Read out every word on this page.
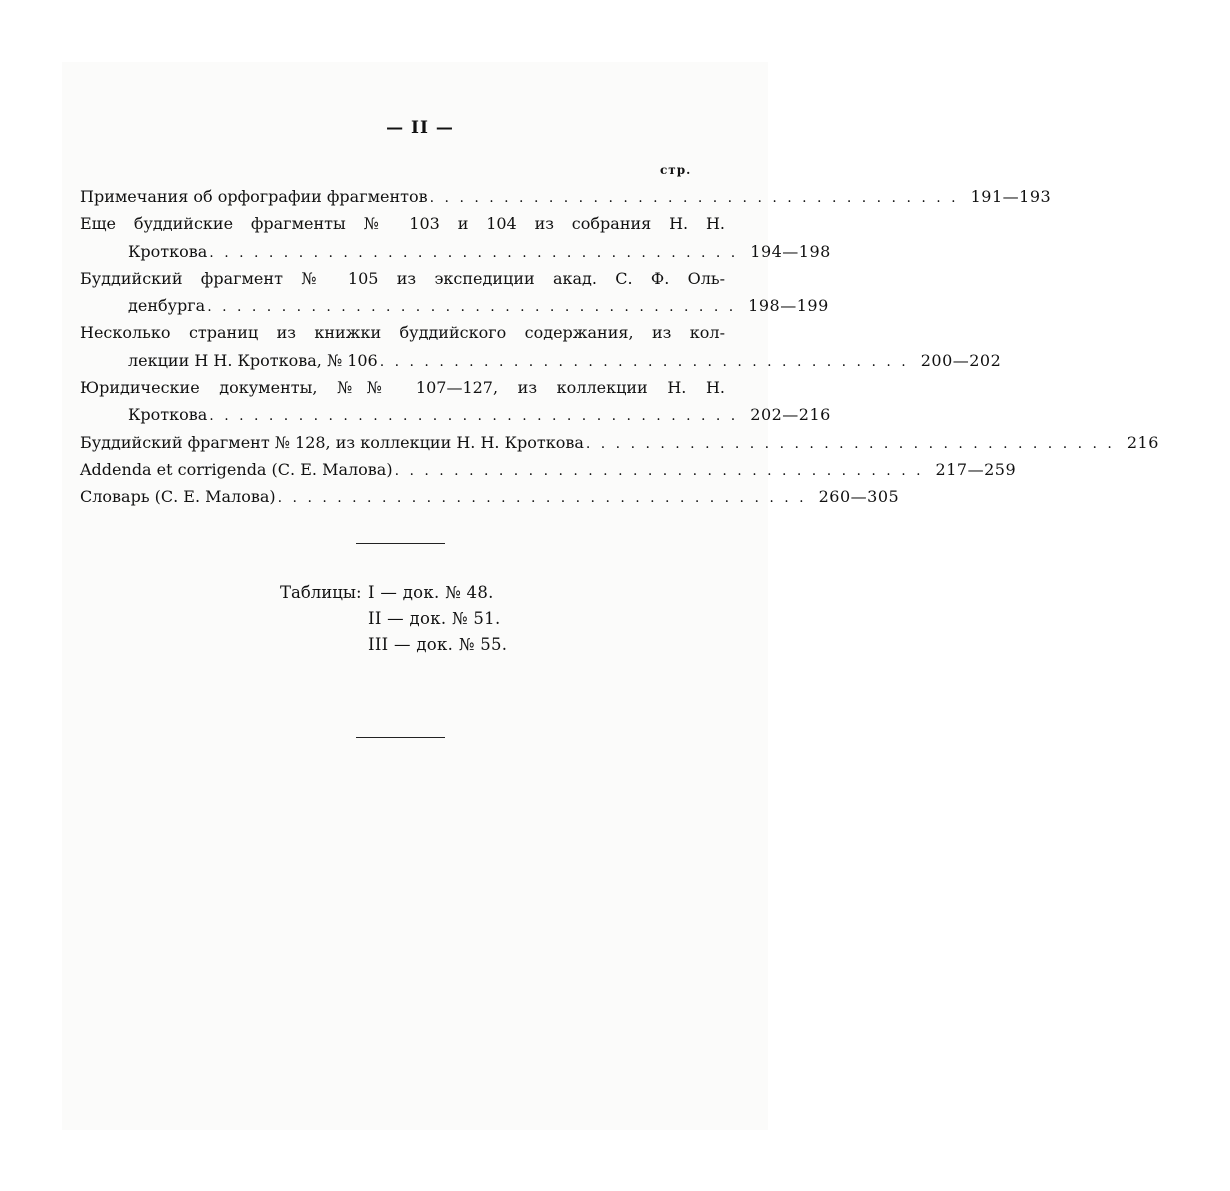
— II —
стр.
Примечания об орфографии фрагментов . . . . . . . . . . . . . . . . . . . . . . . . . . . . . . . . . . . . 191—193
Еще буддийские фрагменты № 103 и 104 из собрания Н. Н.
Кроткова . . . . . . . . . . . . . . . . . . . . . . . . . . . . . . . . . . . . 194—198
Буддийский фрагмент № 105 из экспедиции акад. С. Ф. Оль-
денбурга . . . . . . . . . . . . . . . . . . . . . . . . . . . . . . . . . . . . 198—199
Несколько страниц из книжки буддийского содержания, из кол-
лекции Н Н. Кроткова, № 106 . . . . . . . . . . . . . . . . . . . . . . . . . . . . . . . . . . . . 200—202
Юридические документы, №№ 107—127, из коллекции Н. Н.
Кроткова . . . . . . . . . . . . . . . . . . . . . . . . . . . . . . . . . . . . 202—216
Буддийский фрагмент № 128, из коллекции Н. Н. Кроткова . . . . . . . . . . . . . . . . . . . . . . . . . . . . . . . . . . . . 216
Addenda et corrigenda (С. Е. Малова) . . . . . . . . . . . . . . . . . . . . . . . . . . . . . . . . . . . . 217—259
Словарь (С. Е. Малова) . . . . . . . . . . . . . . . . . . . . . . . . . . . . . . . . . . . . 260—305
Таблицы: I — док. № 48.
II — док. № 51.
III — док. № 55.
